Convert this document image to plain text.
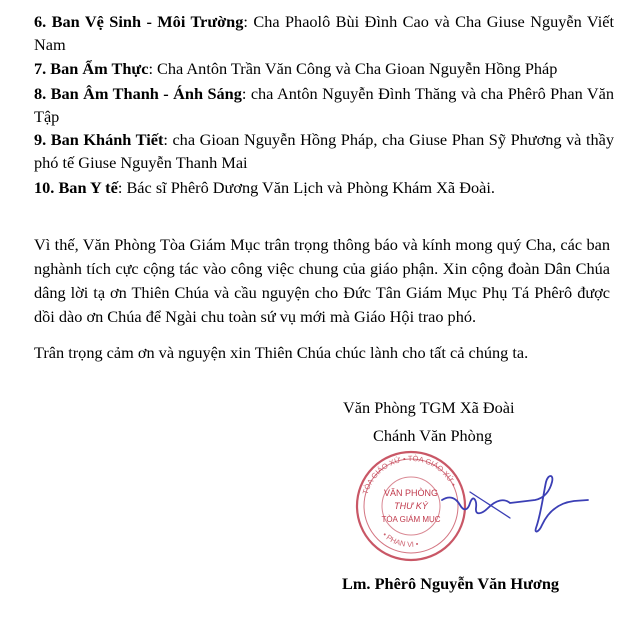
6. Ban Vệ Sinh - Môi Trường: Cha Phaolô Bùi Đình Cao và Cha Giuse Nguyễn Viết Nam

7. Ban Ẩm Thực: Cha Antôn Trần Văn Công và Cha Gioan Nguyễn Hồng Pháp

8. Ban Âm Thanh - Ánh Sáng: cha Antôn Nguyễn Đình Thăng và cha Phêrô Phan Văn Tập

9. Ban Khánh Tiết: cha Gioan Nguyễn Hồng Pháp, cha Giuse Phan Sỹ Phương và thầy phó tế Giuse Nguyễn Thanh Mai

10. Ban Y tế: Bác sĩ Phêrô Dương Văn Lịch và Phòng Khám Xã Đoài.

Vì thế, Văn Phòng Tòa Giám Mục trân trọng thông báo và kính mong quý Cha, các ban nghành tích cực cộng tác vào công việc chung của giáo phận. Xin cộng đoàn Dân Chúa dâng lời tạ ơn Thiên Chúa và cầu nguyện cho Đức Tân Giám Mục Phụ Tá Phêrô được dồi dào ơn Chúa để Ngài chu toàn sứ vụ mới mà Giáo Hội trao phó.

Trân trọng cảm ơn và nguyện xin Thiên Chúa chúc lành cho tất cả chúng ta.

Văn Phòng TGM Xã Đoài

Chánh Văn Phòng

TÒA GIÁO XỨ • TÒA GIÁO XỨ •
• PHAN VI •
VĂN PHÒNG
THƯ KÝ
TÒA GIÁM MỤC

Lm. Phêrô Nguyễn Văn Hương
